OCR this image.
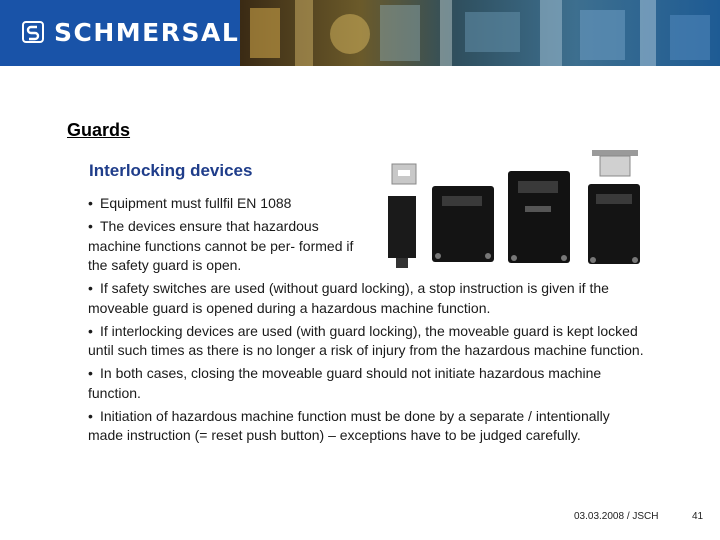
SCHMERSAL
Guards
Interlocking devices
• Equipment must fullfil EN 1088
• The devices ensure that hazardous machine functions cannot be per- formed if the safety guard is open.
• If safety switches are used (without guard locking), a stop instruction is given if the moveable guard is opened during a hazardous machine function.
• If interlocking devices are used (with guard locking), the moveable guard is kept locked until such times as there is no longer a risk of injury from the hazardous machine function.
• In both cases, closing the moveable guard should not initiate hazardous machine function.
• Initiation of hazardous machine function must be done by a separate / intentionally made instruction (= reset push button) – exceptions have to be judged carefully.
03.03.2008 / JSCH	41
